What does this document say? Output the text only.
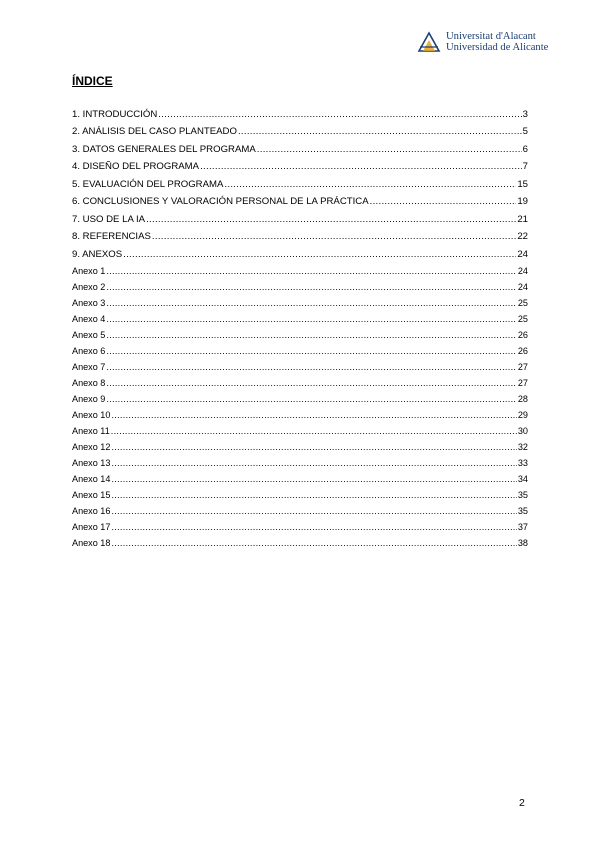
Universitat d'Alacant
Universidad de Alicante
ÍNDICE
1. INTRODUCCIÓN .....	3
2. ANÁLISIS DEL CASO PLANTEADO .....	5
3. DATOS GENERALES DEL PROGRAMA .....	6
4. DISEÑO DEL PROGRAMA .....	7
5. EVALUACIÓN DEL PROGRAMA .....	15
6. CONCLUSIONES Y VALORACIÓN PERSONAL DE LA PRÁCTICA .....	19
7. USO DE LA IA .....	21
8. REFERENCIAS .....	22
9. ANEXOS .....	24
Anexo 1 .....	24
Anexo 2 .....	24
Anexo 3 .....	25
Anexo 4 .....	25
Anexo 5 .....	26
Anexo 6 .....	26
Anexo 7 .....	27
Anexo 8 .....	27
Anexo 9 .....	28
Anexo 10 .....	29
Anexo 11 .....	30
Anexo 12 .....	32
Anexo 13 .....	33
Anexo 14 .....	34
Anexo 15 .....	35
Anexo 16 .....	35
Anexo 17 .....	37
Anexo 18 .....	38
2
